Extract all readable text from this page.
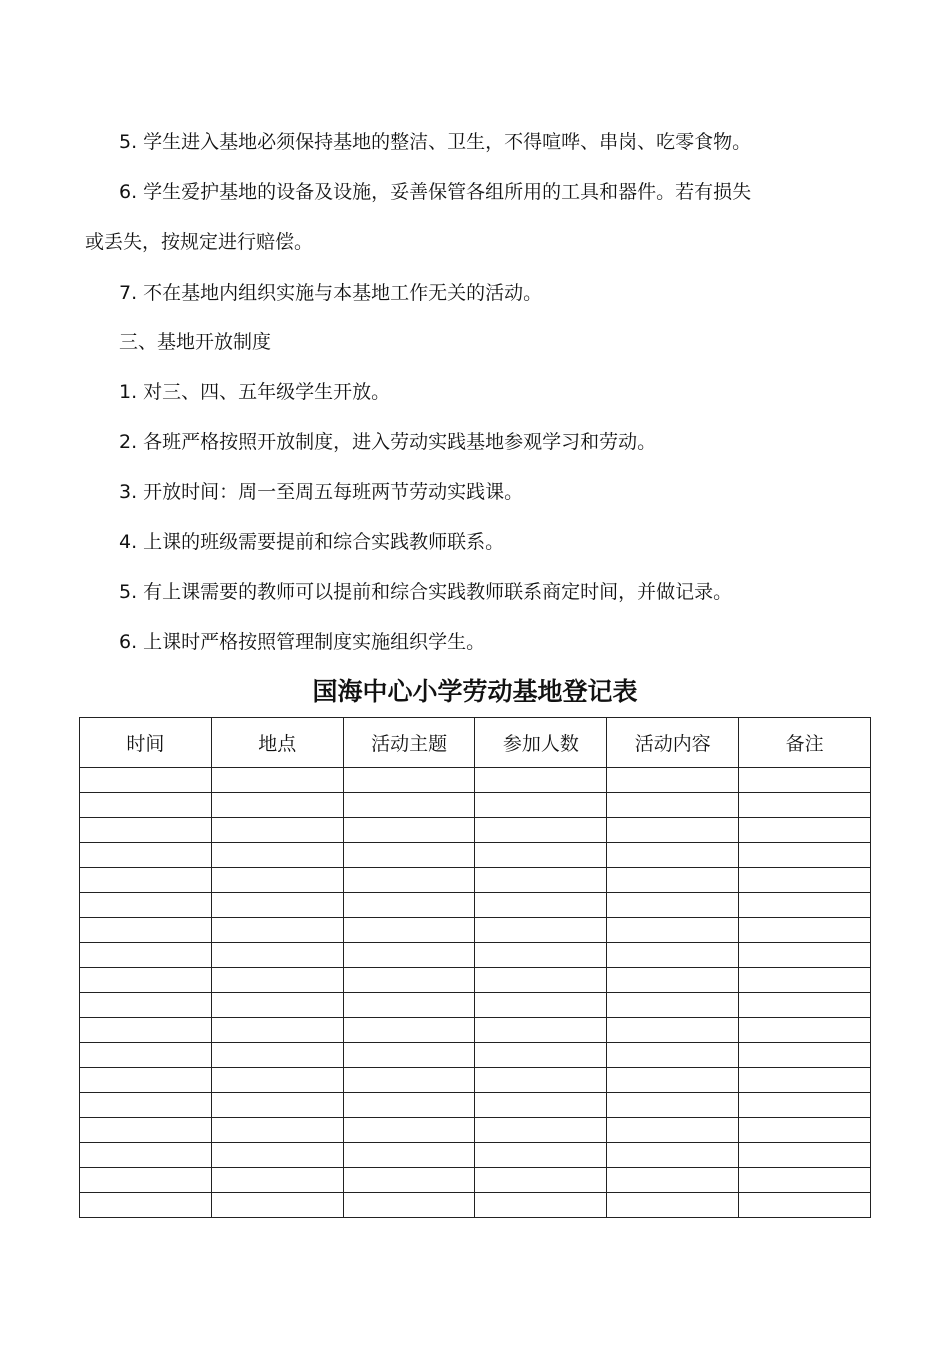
5. 学生进入基地必须保持基地的整洁、卫生，不得喧哗、串岗、吃零食物。

6. 学生爱护基地的设备及设施，妥善保管各组所用的工具和器件。若有损失

或丢失，按规定进行赔偿。

7. 不在基地内组织实施与本基地工作无关的活动。

三、基地开放制度

1. 对三、四、五年级学生开放。

2. 各班严格按照开放制度，进入劳动实践基地参观学习和劳动。

3. 开放时间：周一至周五每班两节劳动实践课。

4. 上课的班级需要提前和综合实践教师联系。

5. 有上课需要的教师可以提前和综合实践教师联系商定时间，并做记录。

6. 上课时严格按照管理制度实施组织学生。

国海中心小学劳动基地登记表
时间	地点	活动主题	参加人数	活动内容	备注
